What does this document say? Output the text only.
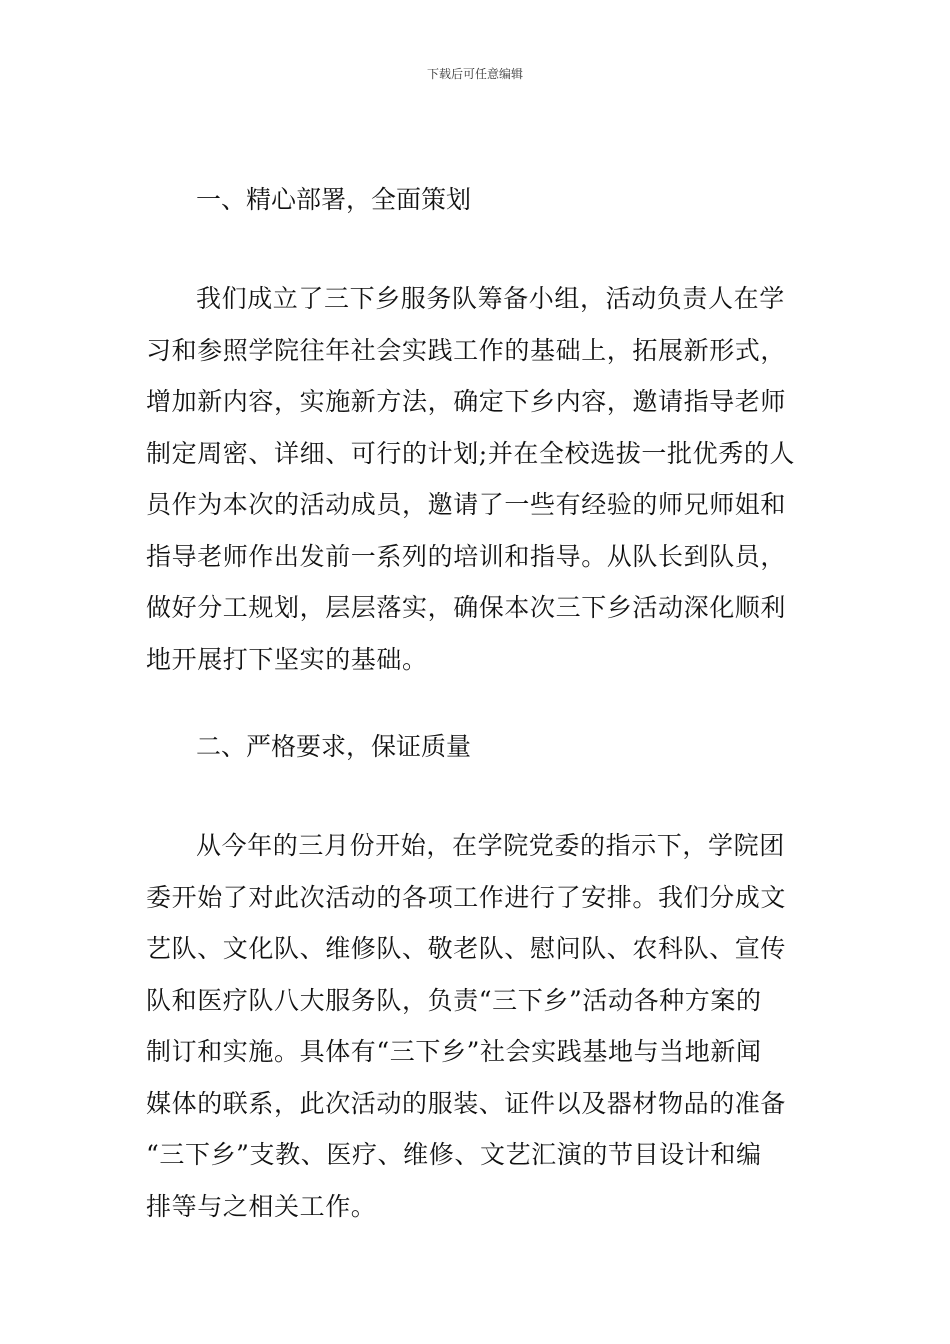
下载后可任意编辑
一、精心部署，全面策划
我们成立了三下乡服务队筹备小组，活动负责人在学
习和参照学院往年社会实践工作的基础上，拓展新形式，
增加新内容，实施新方法，确定下乡内容，邀请指导老师
制定周密、详细、可行的计划;并在全校选拔一批优秀的人
员作为本次的活动成员，邀请了一些有经验的师兄师姐和
指导老师作出发前一系列的培训和指导。从队长到队员，
做好分工规划，层层落实，确保本次三下乡活动深化顺利
地开展打下坚实的基础。
二、严格要求，保证质量
从今年的三月份开始，在学院党委的指示下，学院团
委开始了对此次活动的各项工作进行了安排。我们分成文
艺队、文化队、维修队、敬老队、慰问队、农科队、宣传
队和医疗队八大服务队，负责“三下乡”活动各种方案的
制订和实施。具体有“三下乡”社会实践基地与当地新闻
媒体的联系，此次活动的服装、证件以及器材物品的准备
“三下乡”支教、医疗、维修、文艺汇演的节目设计和编
排等与之相关工作。
